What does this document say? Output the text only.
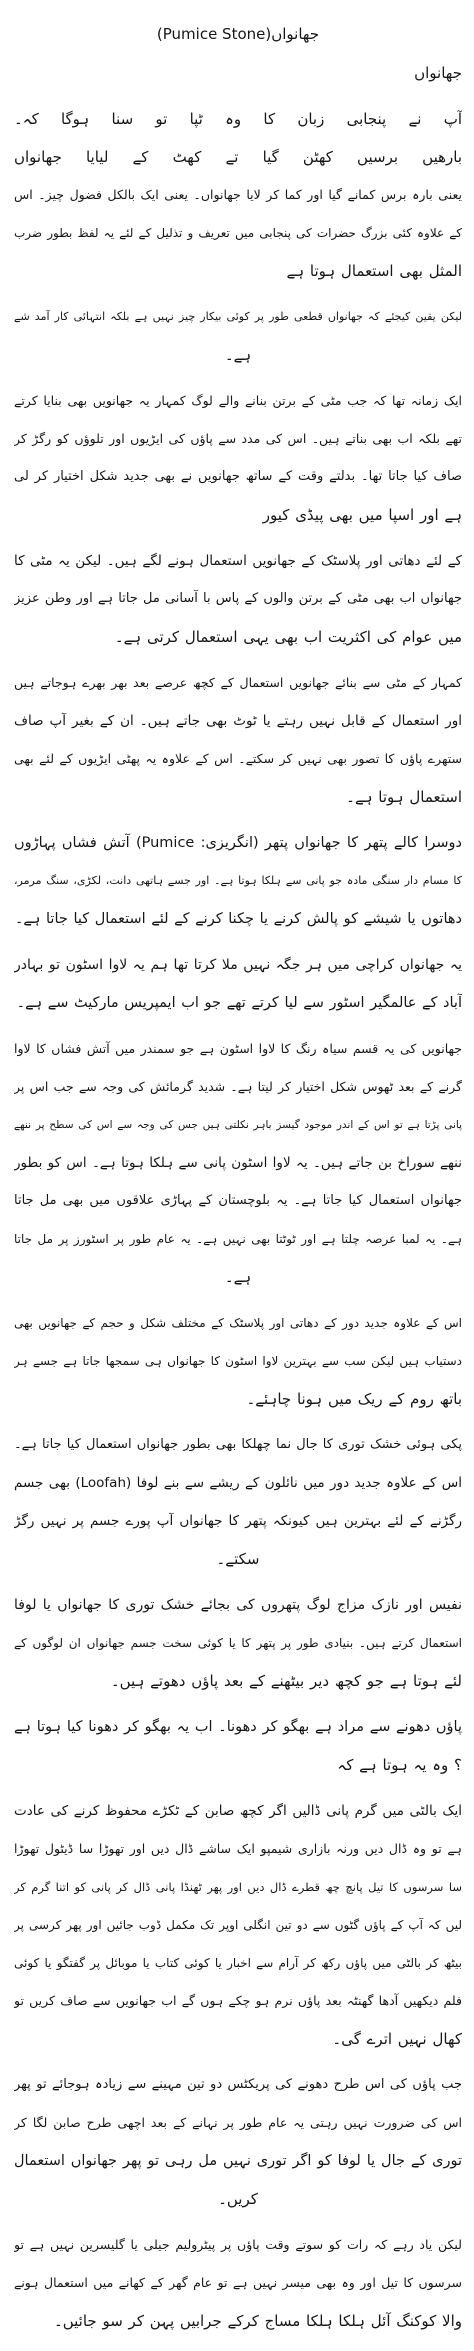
جھانواں(Pumice Stone)
جھانواں
آپ نے پنجابی زبان کا وہ ٹپا تو سنا ہوگا کہ۔
بارھیں برسیں کھٹن گیا تے کھٹ کے لیایا جھانواں
یعنی بارہ برس کمانے گیا اور کما کر لایا جھانواں۔ یعنی ایک بالکل فضول چیز۔ اس
کے علاوہ کئی بزرگ حضرات کی پنجابی میں تعریف و تذلیل کے لئے یہ لفظ بطور ضرب
المثل بھی استعمال ہوتا ہے
لیکن یقین کیجئے کہ جھانواں قطعی طور پر کوئی بیکار چیز نہیں ہے بلکہ انتہائی کار آمد شے
ہے۔
ایک زمانہ تھا کہ جب مٹی کے برتن بنانے والے لوگ کمہار یہ جھانویں بھی بنایا کرتے
تھے بلکہ اب بھی بناتے ہیں۔ اس کی مدد سے پاؤں کی ایڑیوں اور تلوؤں کو رگڑ کر
صاف کیا جاتا تھا۔ بدلتے وقت کے ساتھ جھانویں نے بھی جدید شکل اختیار کر لی
ہے اور اسپا میں بھی پیڈی کیور
کے لئے دھاتی اور پلاسٹک کے جھانویں استعمال ہونے لگے ہیں۔ لیکن یہ مٹی کا
جھانواں اب بھی مٹی کے برتن والوں کے پاس با آسانی مل جاتا ہے اور وطن عزیز
میں عوام کی اکثریت اب بھی یہی استعمال کرتی ہے۔
کمہار کے مٹی سے بنائے جھانویں استعمال کے کچھ عرصے بعد بھر بھرے ہوجاتے ہیں
اور استعمال کے قابل نہیں رہتے یا ٹوٹ بھی جاتے ہیں۔ ان کے بغیر آپ صاف
ستھرے پاؤں کا تصور بھی نہیں کر سکتے۔ اس کے علاوہ یہ پھٹی ایڑیوں کے لئے بھی
استعمال ہوتا ہے۔
دوسرا کالے پتھر کا جھانواں پتھر (انگریزی: Pumice) آتش فشاں پہاڑوں
کا مسام دار سنگی مادہ جو پانی سے ہلکا ہوتا ہے۔ اور جسے ہاتھی دانت، لکڑی، سنگ مرمر،
دھاتوں یا شیشے کو پالش کرنے یا چکنا کرنے کے لئے استعمال کیا جاتا ہے۔
یہ جھانواں کراچی میں ہر جگہ نہیں ملا کرتا تھا ہم یہ لاوا اسٹون تو بہادر
آباد کے عالمگیر اسٹور سے لیا کرتے تھے جو اب ایمپریس مارکیٹ سے ہے۔
جھانویں کی یہ قسم سیاہ رنگ کا لاوا اسٹون ہے جو سمندر میں آتش فشاں کا لاوا
گرنے کے بعد ٹھوس شکل اختیار کر لیتا ہے۔ شدید گرمائش کی وجہ سے جب اس پر
پانی پڑتا ہے تو اس کے اندر موجود گیسز باہر نکلتی ہیں جس کی وجہ سے اس کی سطح پر ننھے
ننھے سوراخ بن جاتے ہیں۔ یہ لاوا اسٹون پانی سے ہلکا ہوتا ہے۔ اس کو بطور
جھانواں استعمال کیا جاتا ہے۔ یہ بلوچستان کے پہاڑی علاقوں میں بھی مل جاتا
ہے۔ یہ لمبا عرصہ چلتا ہے اور ٹوٹتا بھی نہیں ہے۔ یہ عام طور پر اسٹورز پر مل جاتا
ہے۔
اس کے علاوہ جدید دور کے دھاتی اور پلاسٹک کے مختلف شکل و حجم کے جھانویں بھی
دستیاب ہیں لیکن سب سے بہترین لاوا اسٹون کا جھانواں ہی سمجھا جاتا ہے جسے ہر
باتھ روم کے ریک میں ہونا چاہئے۔
پکی ہوئی خشک توری کا جال نما چھلکا بھی بطور جھانواں استعمال کیا جاتا ہے۔
اس کے علاوہ جدید دور میں نائلون کے ریشے سے بنے لوفا (Loofah) بھی جسم
رگڑنے کے لئے بہترین ہیں کیونکہ پتھر کا جھانواں آپ پورے جسم پر نہیں رگڑ
سکتے۔
نفیس اور نازک مزاج لوگ پتھروں کی بجائے خشک توری کا جھانواں یا لوفا
استعمال کرتے ہیں۔ بنیادی طور پر پتھر کا یا کوئی سخت جسم جھانواں ان لوگوں کے
لئے ہوتا ہے جو کچھ دیر بیٹھنے کے بعد پاؤں دھوتے ہیں۔
پاؤں دھونے سے مراد ہے بھگو کر دھونا۔ اب یہ بھگو کر دھونا کیا ہوتا ہے
؟ وہ یہ ہوتا ہے کہ
ایک بالٹی میں گرم پانی ڈالیں اگر کچھ صابن کے ٹکڑے محفوظ کرنے کی عادت
ہے تو وہ ڈال دیں ورنہ بازاری شیمپو ایک ساشے ڈال دیں اور تھوڑا سا ڈیٹول تھوڑا
سا سرسوں کا تیل پانچ چھ قطرے ڈال دیں اور پھر ٹھنڈا پانی ڈال کر پانی کو اتنا گرم کر
لیں کہ آپ کے پاؤں گٹوں سے دو تین انگلی اوپر تک مکمل ڈوب جائیں اور پھر کرسی پر
بیٹھ کر بالٹی میں پاؤں رکھ کر آرام سے اخبار یا کوئی کتاب یا موبائل پر گفتگو یا کوئی
فلم دیکھیں آدھا گھنٹہ بعد پاؤں نرم ہو چکے ہوں گے اب جھانویں سے صاف کریں تو
کھال نہیں اترے گی۔
جب پاؤں کی اس طرح دھونے کی پریکٹس دو تین مہینے سے زیادہ ہوجائے تو پھر
اس کی ضرورت نہیں رہتی یہ عام طور پر نہانے کے بعد اچھی طرح صابن لگا کر
توری کے جال یا لوفا کو اگر توری نہیں مل رہی تو پھر جھانواں استعمال
کریں۔
لیکن یاد رہے کہ رات کو سوتے وقت پاؤں پر پیٹرولیم جیلی یا گلیسرین نہیں ہے تو
سرسوں کا تیل اور وہ بھی میسر نہیں ہے تو عام گھر کے کھانے میں استعمال ہونے
والا کوکنگ آئل ہلکا ہلکا مساج کرکے جرابیں پہن کر سو جائیں۔
